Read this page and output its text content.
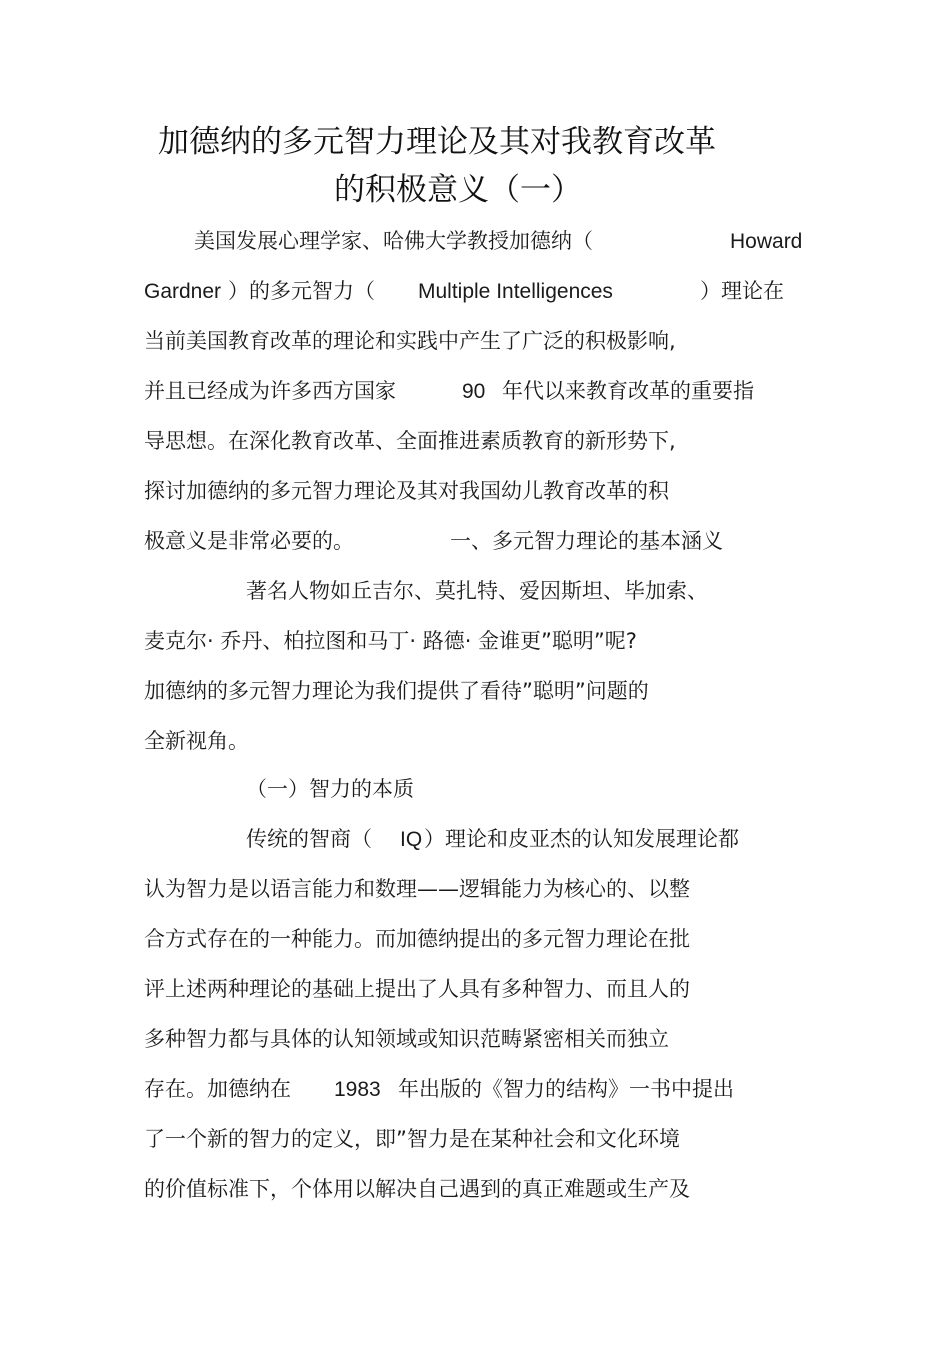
加德纳的多元智力理论及其对我教育改革
的积极意义（一）
美国发展心理学家、哈佛大学教授加德纳（	Howard
Gardner ）的多元智力（ Multiple Intelligences	）理论在
当前美国教育改革的理论和实践中产生了广泛的积极影响,
并且已经成为许多西方国家	90 年代以来教育改革的重要指
导思想。在深化教育改革、全面推进素质教育的新形势下,
探讨加德纳的多元智力理论及其对我国幼儿教育改革的积
极意义是非常必要的。	一、多元智力理论的基本涵义
著名人物如丘吉尔、莫扎特、爱因斯坦、毕加索、
麦克尔· 乔丹、柏拉图和马丁· 路德· 金谁更”聪明”呢?
加德纳的多元智力理论为我们提供了看待”聪明”问题的
全新视角。
（一）智力的本质
传统的智商（ IQ ）理论和皮亚杰的认知发展理论都
认为智力是以语言能力和数理——逻辑能力为核心的、以整
合方式存在的一种能力。而加德纳提出的多元智力理论在批
评上述两种理论的基础上提出了人具有多种智力、而且人的
多种智力都与具体的认知领域或知识范畴紧密相关而独立
存在。加德纳在 1983 年出版的《智力的结构》一书中提出
了一个新的智力的定义，即”智力是在某种社会和文化环境
的价值标准下，个体用以解决自己遇到的真正难题或生产及
